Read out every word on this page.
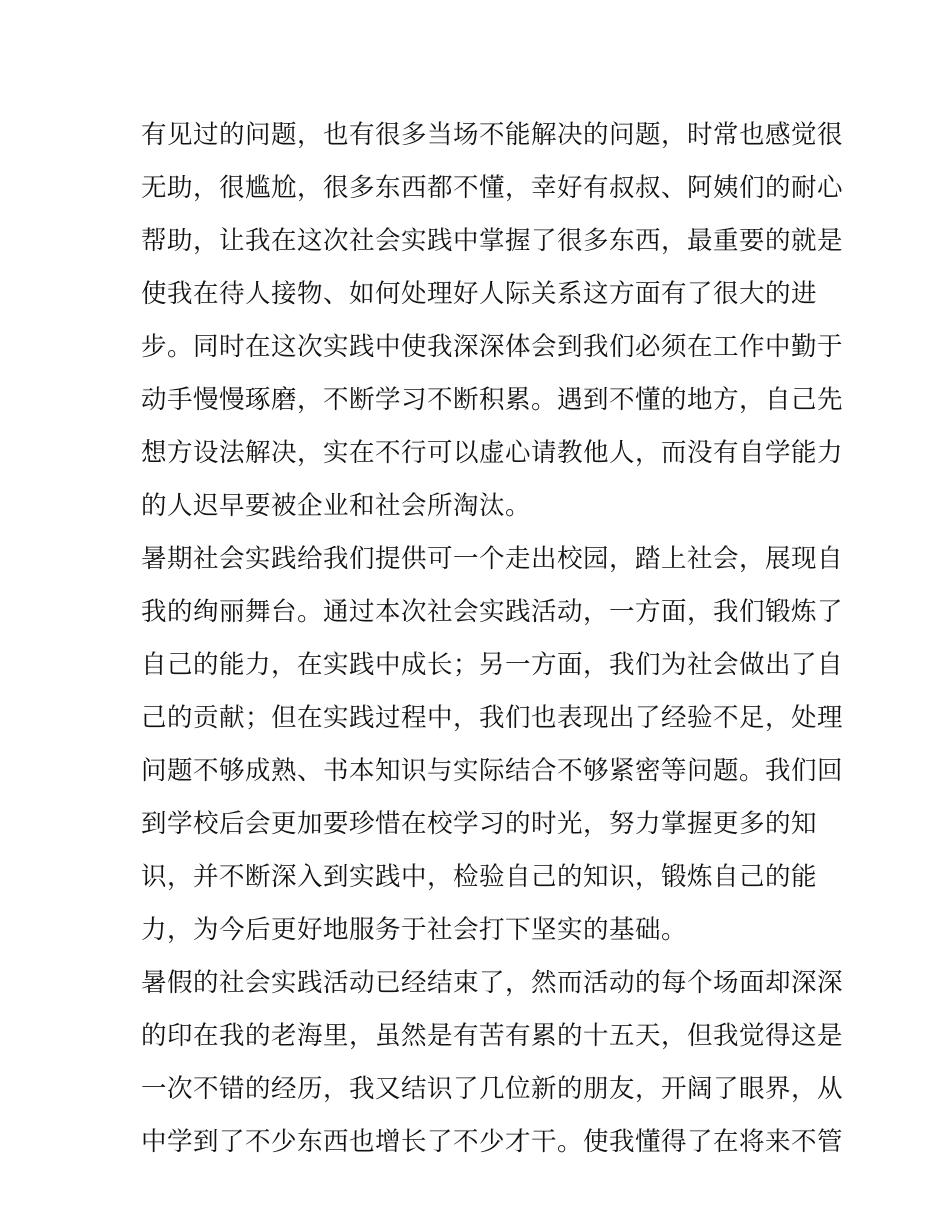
有见过的问题，也有很多当场不能解决的问题，时常也感觉很
无助，很尴尬，很多东西都不懂，幸好有叔叔、阿姨们的耐心
帮助，让我在这次社会实践中掌握了很多东西，最重要的就是
使我在待人接物、如何处理好人际关系这方面有了很大的进
步。同时在这次实践中使我深深体会到我们必须在工作中勤于
动手慢慢琢磨，不断学习不断积累。遇到不懂的地方，自己先
想方设法解决，实在不行可以虚心请教他人，而没有自学能力
的人迟早要被企业和社会所淘汰。
暑期社会实践给我们提供可一个走出校园，踏上社会，展现自
我的绚丽舞台。通过本次社会实践活动，一方面，我们锻炼了
自己的能力，在实践中成长；另一方面，我们为社会做出了自
己的贡献；但在实践过程中，我们也表现出了经验不足，处理
问题不够成熟、书本知识与实际结合不够紧密等问题。我们回
到学校后会更加要珍惜在校学习的时光，努力掌握更多的知
识，并不断深入到实践中，检验自己的知识，锻炼自己的能
力，为今后更好地服务于社会打下坚实的基础。
暑假的社会实践活动已经结束了，然而活动的每个场面却深深
的印在我的老海里，虽然是有苦有累的十五天，但我觉得这是
一次不错的经历，我又结识了几位新的朋友，开阔了眼界，从
中学到了不少东西也增长了不少才干。使我懂得了在将来不管
